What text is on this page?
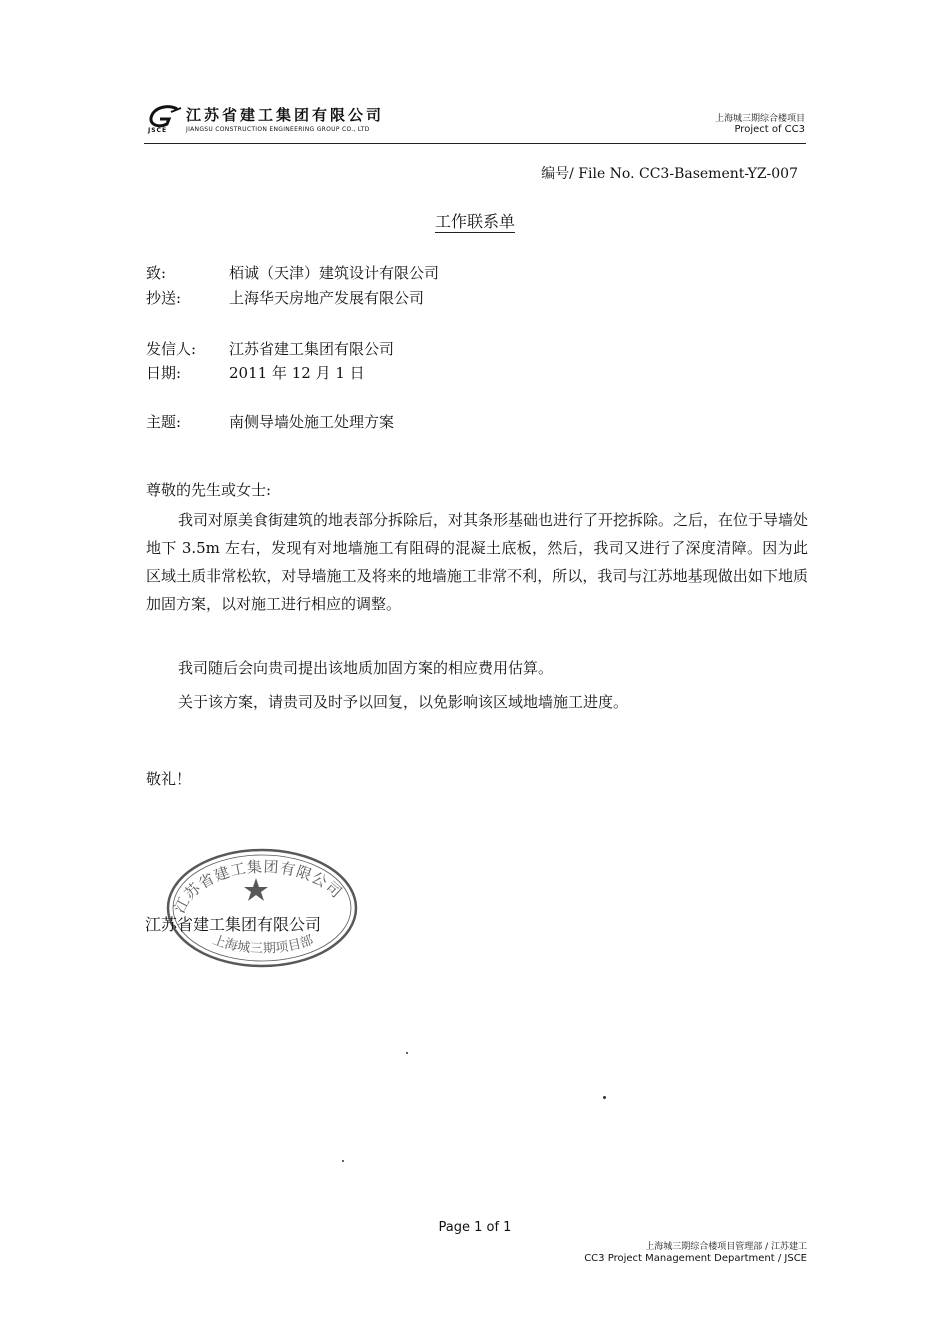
江苏省建工集团有限公司
JSCE	JIANGSU CONSTRUCTION ENGINEERING GROUP CO., LTD
上海城三期综合楼项目
Project of CC3
编号/ File No. CC3-Basement-YZ-007
工作联系单
致:	栢诚（天津）建筑设计有限公司
抄送:	上海华天房地产发展有限公司
发信人: 江苏省建工集团有限公司
日期:	2011 年 12 月 1 日
主题:	南侧导墙处施工处理方案
尊敬的先生或女士:
我司对原美食街建筑的地表部分拆除后，对其条形基础也进行了开挖拆除。之后，在位于导墙处地下 3.5m 左右，发现有对地墙施工有阻碍的混凝土底板，然后，我司又进行了深度清障。因为此区域土质非常松软，对导墙施工及将来的地墙施工非常不利，所以，我司与江苏地基现做出如下地质加固方案，以对施工进行相应的调整。
我司随后会向贵司提出该地质加固方案的相应费用估算。
关于该方案，请贵司及时予以回复，以免影响该区域地墙施工进度。
敬礼！
江苏省建工集团有限公司
上海城三期项目部
江苏省建工集团有限公司
Page 1 of 1
上海城三期综合楼项目管理部 / 江苏建工
CC3 Project Management Department / JSCE
